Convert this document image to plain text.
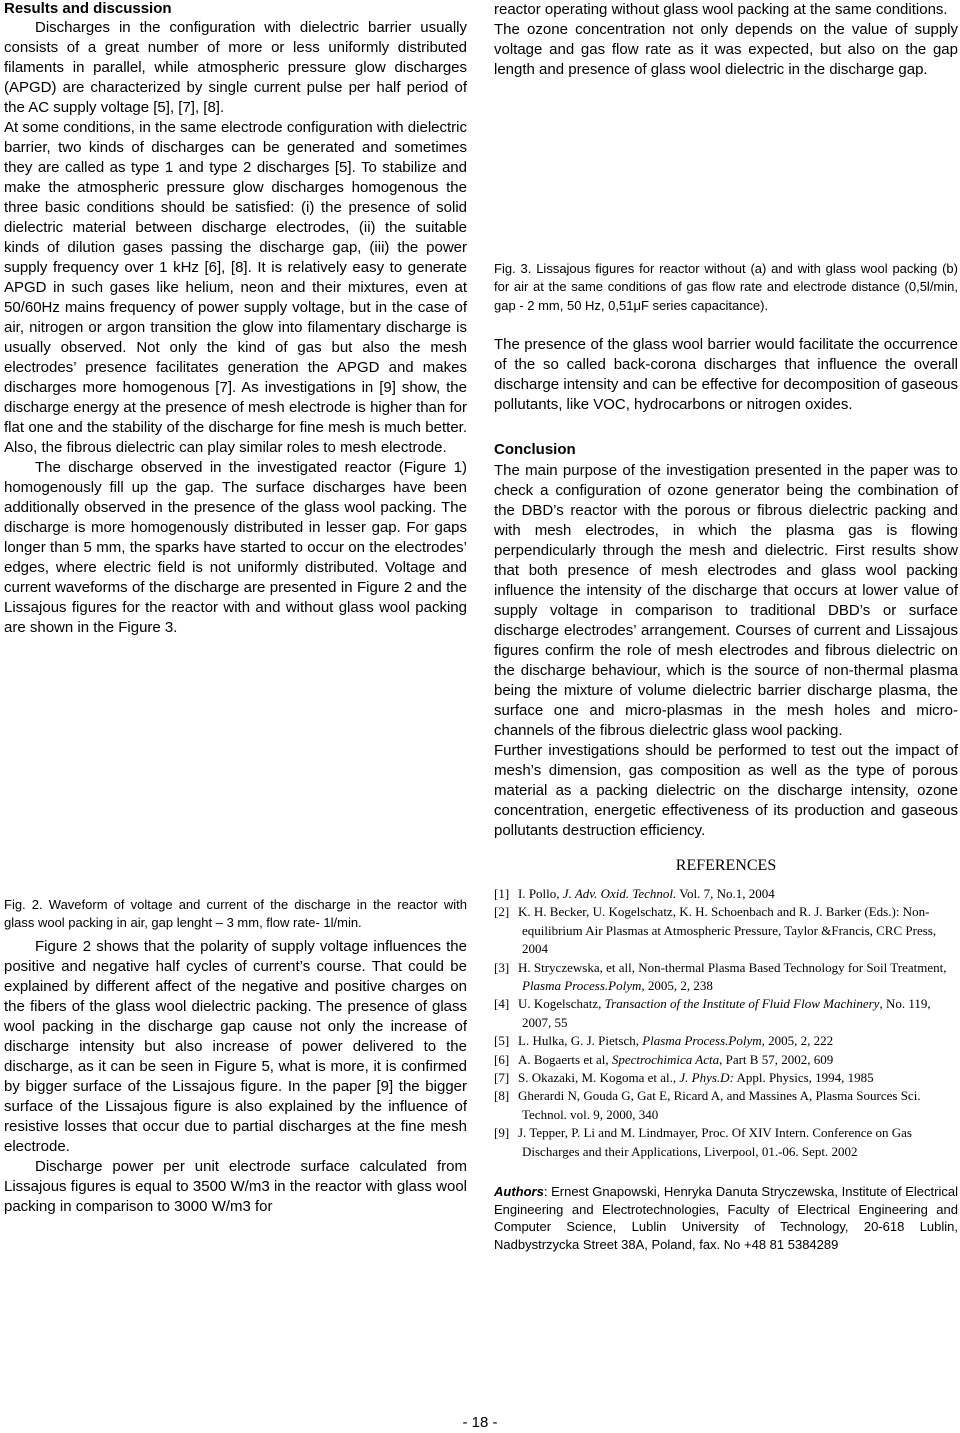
Results and discussion

Discharges in the configuration with dielectric barrier usually consists of a great number of more or less uniformly distributed filaments in parallel, while atmospheric pressure glow discharges (APGD) are characterized by single current pulse per half period of the AC supply voltage [5], [7], [8].

At some conditions, in the same electrode configuration with dielectric barrier, two kinds of discharges can be generated and sometimes they are called as type 1 and type 2 discharges [5]. To stabilize and make the atmospheric pressure glow discharges homogenous the three basic conditions should be satisfied: (i) the presence of solid dielectric material between discharge electrodes, (ii) the suitable kinds of dilution gases passing the discharge gap, (iii) the power supply frequency over 1 kHz [6], [8]. It is relatively easy to generate APGD in such gases like helium, neon and their mixtures, even at 50/60Hz mains frequency of power supply voltage, but in the case of air, nitrogen or argon transition the glow into filamentary discharge is usually observed. Not only the kind of gas but also the mesh electrodes’ presence facilitates generation the APGD and makes discharges more homogenous [7]. As investigations in [9] show, the discharge energy at the presence of mesh electrode is higher than for flat one and the stability of the discharge for fine mesh is much better. Also, the fibrous dielectric can play similar roles to mesh electrode.

The discharge observed in the investigated reactor (Figure 1) homogenously fill up the gap. The surface discharges have been additionally observed in the presence of the glass wool packing. The discharge is more homogenously distributed in lesser gap. For gaps longer than 5 mm, the sparks have started to occur on the electrodes’ edges, where electric field is not uniformly distributed. Voltage and current waveforms of the discharge are presented in Figure 2 and the Lissajous figures for the reactor with and without glass wool packing are shown in the Figure 3.

Fig. 2. Waveform of voltage and current of the discharge in the reactor with glass wool packing in air, gap lenght – 3 mm, flow rate- 1l/min.

Figure 2 shows that the polarity of supply voltage influences the positive and negative half cycles of current’s course. That could be explained by different affect of the negative and positive charges on the fibers of the glass wool dielectric packing. The presence of glass wool packing in the discharge gap cause not only the increase of discharge intensity but also increase of power delivered to the discharge, as it can be seen in Figure 5, what is more, it is confirmed by bigger surface of the Lissajous figure. In the paper [9] the bigger surface of the Lissajous figure is also explained by the influence of resistive losses that occur due to partial discharges at the fine mesh electrode.

Discharge power per unit electrode surface calculated from Lissajous figures is equal to 3500 W/m3 in the reactor with glass wool packing in comparison to 3000 W/m3 for

reactor operating without glass wool packing at the same conditions.

The ozone concentration not only depends on the value of supply voltage and gas flow rate as it was expected, but also on the gap length and presence of glass wool dielectric in the discharge gap.

Fig. 3. Lissajous figures for reactor without (a) and with glass wool packing (b) for air at the same conditions of gas flow rate and electrode distance (0,5l/min, gap - 2 mm, 50 Hz, 0,51μF series capacitance).

The presence of the glass wool barrier would facilitate the occurrence of the so called back-corona discharges that influence the overall discharge intensity and can be effective for decomposition of gaseous pollutants, like VOC, hydrocarbons or nitrogen oxides.

Conclusion

The main purpose of the investigation presented in the paper was to check a configuration of ozone generator being the combination of the DBD’s reactor with the porous or fibrous dielectric packing and with mesh electrodes, in which the plasma gas is flowing perpendicularly through the mesh and dielectric. First results show that both presence of mesh electrodes and glass wool packing influence the intensity of the discharge that occurs at lower value of supply voltage in comparison to traditional DBD’s or surface discharge electrodes’ arrangement. Courses of current and Lissajous figures confirm the role of mesh electrodes and fibrous dielectric on the discharge behaviour, which is the source of non-thermal plasma being the mixture of volume dielectric barrier discharge plasma, the surface one and micro-plasmas in the mesh holes and micro-channels of the fibrous dielectric glass wool packing.

Further investigations should be performed to test out the impact of mesh’s dimension, gas composition as well as the type of porous material as a packing dielectric on the discharge intensity, ozone concentration, energetic effectiveness of its production and gaseous pollutants destruction efficiency.

REFERENCES

[1] I. Pollo, J. Adv. Oxid. Technol. Vol. 7, No.1, 2004
[2] K. H. Becker, U. Kogelschatz, K. H. Schoenbach and R. J. Barker (Eds.): Non-equilibrium Air Plasmas at Atmospheric Pressure, Taylor &Francis, CRC Press, 2004
[3] H. Stryczewska, et all, Non-thermal Plasma Based Technology for Soil Treatment, Plasma Process.Polym, 2005, 2, 238
[4] U. Kogelschatz, Transaction of the Institute of Fluid Flow Machinery, No. 119, 2007, 55
[5] L. Hulka, G. J. Pietsch, Plasma Process.Polym, 2005, 2, 222
[6] A. Bogaerts et al, Spectrochimica Acta, Part B 57, 2002, 609
[7] S. Okazaki, M. Kogoma et al., J. Phys.D: Appl. Physics, 1994, 1985
[8] Gherardi N, Gouda G, Gat E, Ricard A, and Massines A, Plasma Sources Sci. Technol. vol. 9, 2000, 340
[9] J. Tepper, P. Li and M. Lindmayer, Proc. Of XIV Intern. Conference on Gas Discharges and their Applications, Liverpool, 01.-06. Sept. 2002

Authors: Ernest Gnapowski, Henryka Danuta Stryczewska, Institute of Electrical Engineering and Electrotechnologies, Faculty of Electrical Engineering and Computer Science, Lublin University of Technology, 20-618 Lublin, Nadbystrzycka Street 38A, Poland, fax. No +48 81 5384289

- 18 -
